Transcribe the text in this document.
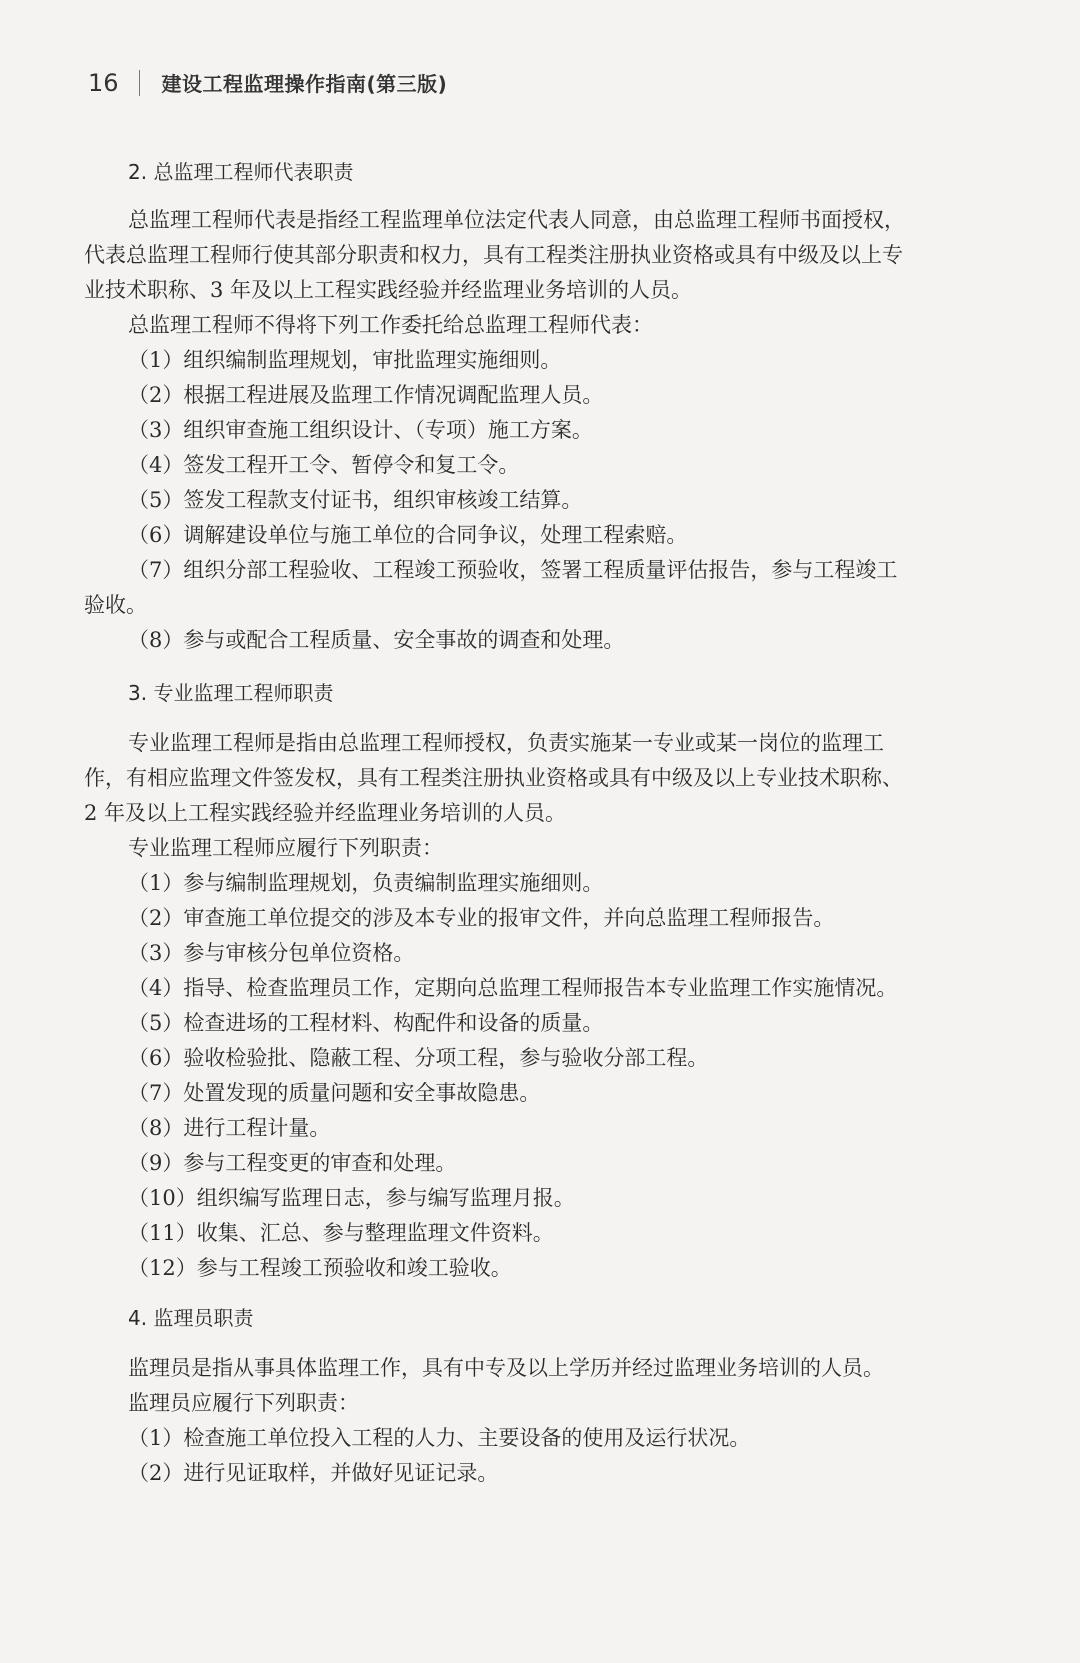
16 建设工程监理操作指南(第三版)
2. 总监理工程师代表职责
总监理工程师代表是指经工程监理单位法定代表人同意，由总监理工程师书面授权，
代表总监理工程师行使其部分职责和权力，具有工程类注册执业资格或具有中级及以上专
业技术职称、3 年及以上工程实践经验并经监理业务培训的人员。
总监理工程师不得将下列工作委托给总监理工程师代表：
（1）组织编制监理规划，审批监理实施细则。
（2）根据工程进展及监理工作情况调配监理人员。
（3）组织审查施工组织设计、（专项）施工方案。
（4）签发工程开工令、暂停令和复工令。
（5）签发工程款支付证书，组织审核竣工结算。
（6）调解建设单位与施工单位的合同争议，处理工程索赔。
（7）组织分部工程验收、工程竣工预验收，签署工程质量评估报告，参与工程竣工
验收。
（8）参与或配合工程质量、安全事故的调查和处理。
3. 专业监理工程师职责
专业监理工程师是指由总监理工程师授权，负责实施某一专业或某一岗位的监理工
作，有相应监理文件签发权，具有工程类注册执业资格或具有中级及以上专业技术职称、
2 年及以上工程实践经验并经监理业务培训的人员。
专业监理工程师应履行下列职责：
（1）参与编制监理规划，负责编制监理实施细则。
（2）审查施工单位提交的涉及本专业的报审文件，并向总监理工程师报告。
（3）参与审核分包单位资格。
（4）指导、检查监理员工作，定期向总监理工程师报告本专业监理工作实施情况。
（5）检查进场的工程材料、构配件和设备的质量。
（6）验收检验批、隐蔽工程、分项工程，参与验收分部工程。
（7）处置发现的质量问题和安全事故隐患。
（8）进行工程计量。
（9）参与工程变更的审查和处理。
（10）组织编写监理日志，参与编写监理月报。
（11）收集、汇总、参与整理监理文件资料。
（12）参与工程竣工预验收和竣工验收。
4. 监理员职责
监理员是指从事具体监理工作，具有中专及以上学历并经过监理业务培训的人员。
监理员应履行下列职责：
（1）检查施工单位投入工程的人力、主要设备的使用及运行状况。
（2）进行见证取样，并做好见证记录。
